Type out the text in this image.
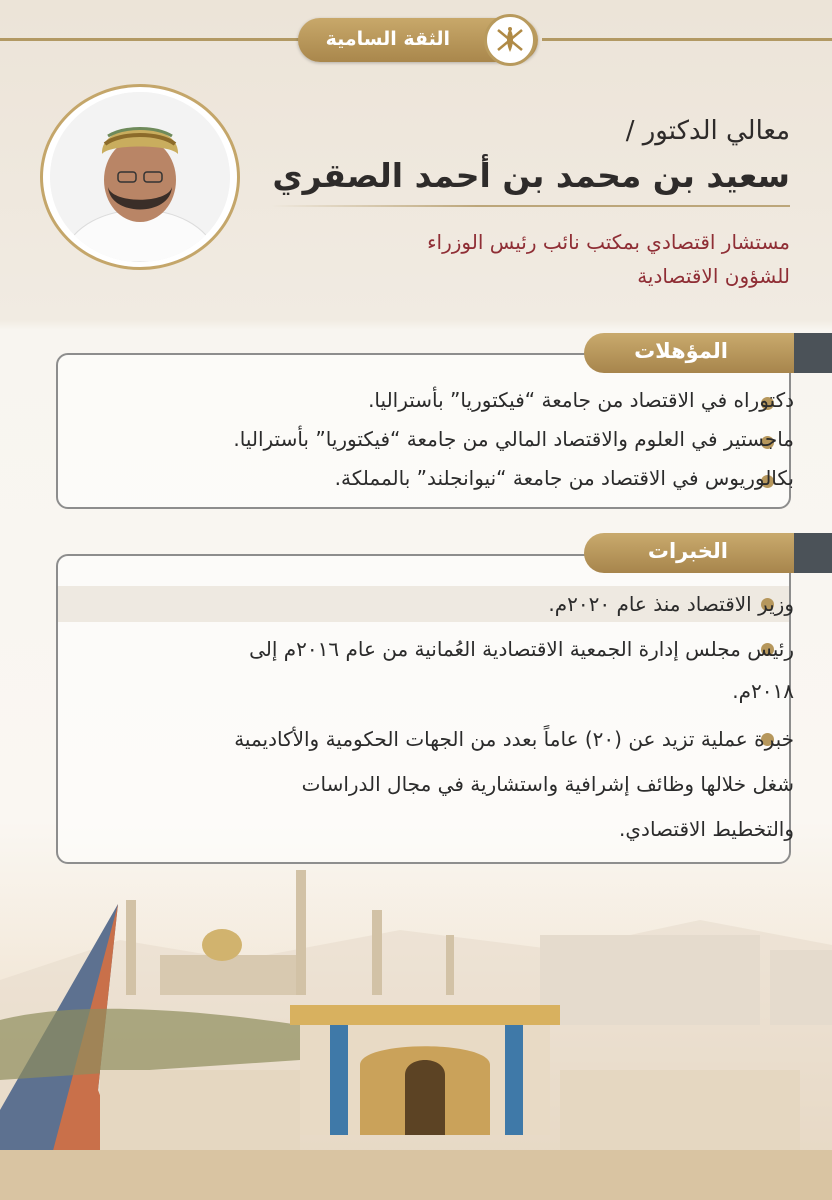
الثقة السامية
معالي الدكتور /
سعيد بن محمد بن أحمد الصقري
مستشار اقتصادي بمكتب نائب رئيس الوزراء
للشؤون الاقتصادية
المؤهلات
دكتوراه في الاقتصاد من جامعة “فيكتوريا” بأستراليا.
ماجستير في العلوم والاقتصاد المالي من جامعة “فيكتوريا” بأستراليا.
بكالوريوس في الاقتصاد من جامعة “نيوانجلند” بالمملكة.
الخبرات
وزير الاقتصاد منذ عام ٢٠٢٠م.
رئيس مجلس إدارة الجمعية الاقتصادية العُمانية من عام ٢٠١٦م إلى
٢٠١٨م.
خبرة عملية تزيد عن (٢٠) عاماً بعدد من الجهات الحكومية والأكاديمية
شغل خلالها وظائف إشرافية واستشارية في مجال الدراسات
والتخطيط الاقتصادي.
